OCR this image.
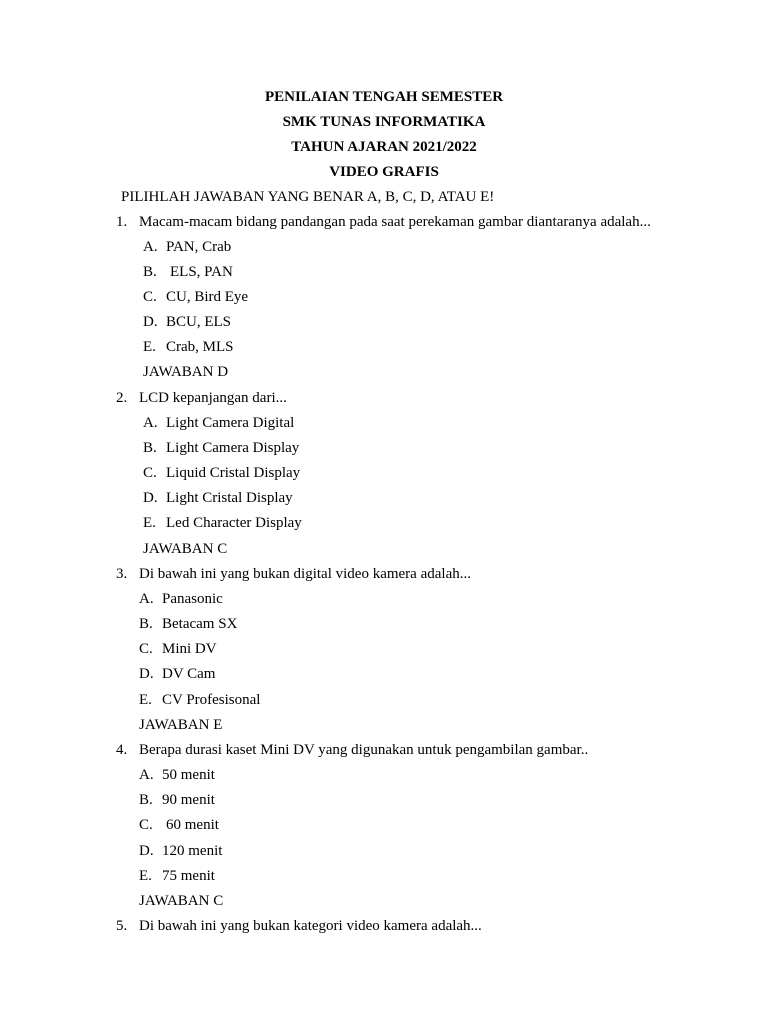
PENILAIAN TENGAH SEMESTER
SMK TUNAS INFORMATIKA
TAHUN AJARAN 2021/2022
VIDEO GRAFIS
PILIHLAH JAWABAN YANG BENAR A, B, C, D, ATAU E!
1. Macam-macam bidang pandangan pada saat perekaman gambar diantaranya adalah...
A. PAN, Crab
B. ELS, PAN
C. CU, Bird Eye
D. BCU, ELS
E. Crab, MLS
JAWABAN D
2. LCD kepanjangan dari...
A. Light Camera Digital
B. Light Camera Display
C. Liquid Cristal Display
D. Light Cristal Display
E. Led Character Display
JAWABAN C
3. Di bawah ini yang bukan digital video kamera adalah...
A. Panasonic
B. Betacam SX
C. Mini DV
D. DV Cam
E. CV Profesisonal
JAWABAN E
4. Berapa durasi kaset Mini DV yang digunakan untuk pengambilan gambar..
A. 50 menit
B. 90 menit
C. 60 menit
D. 120 menit
E. 75 menit
JAWABAN C
5. Di bawah ini yang bukan kategori video kamera adalah...
